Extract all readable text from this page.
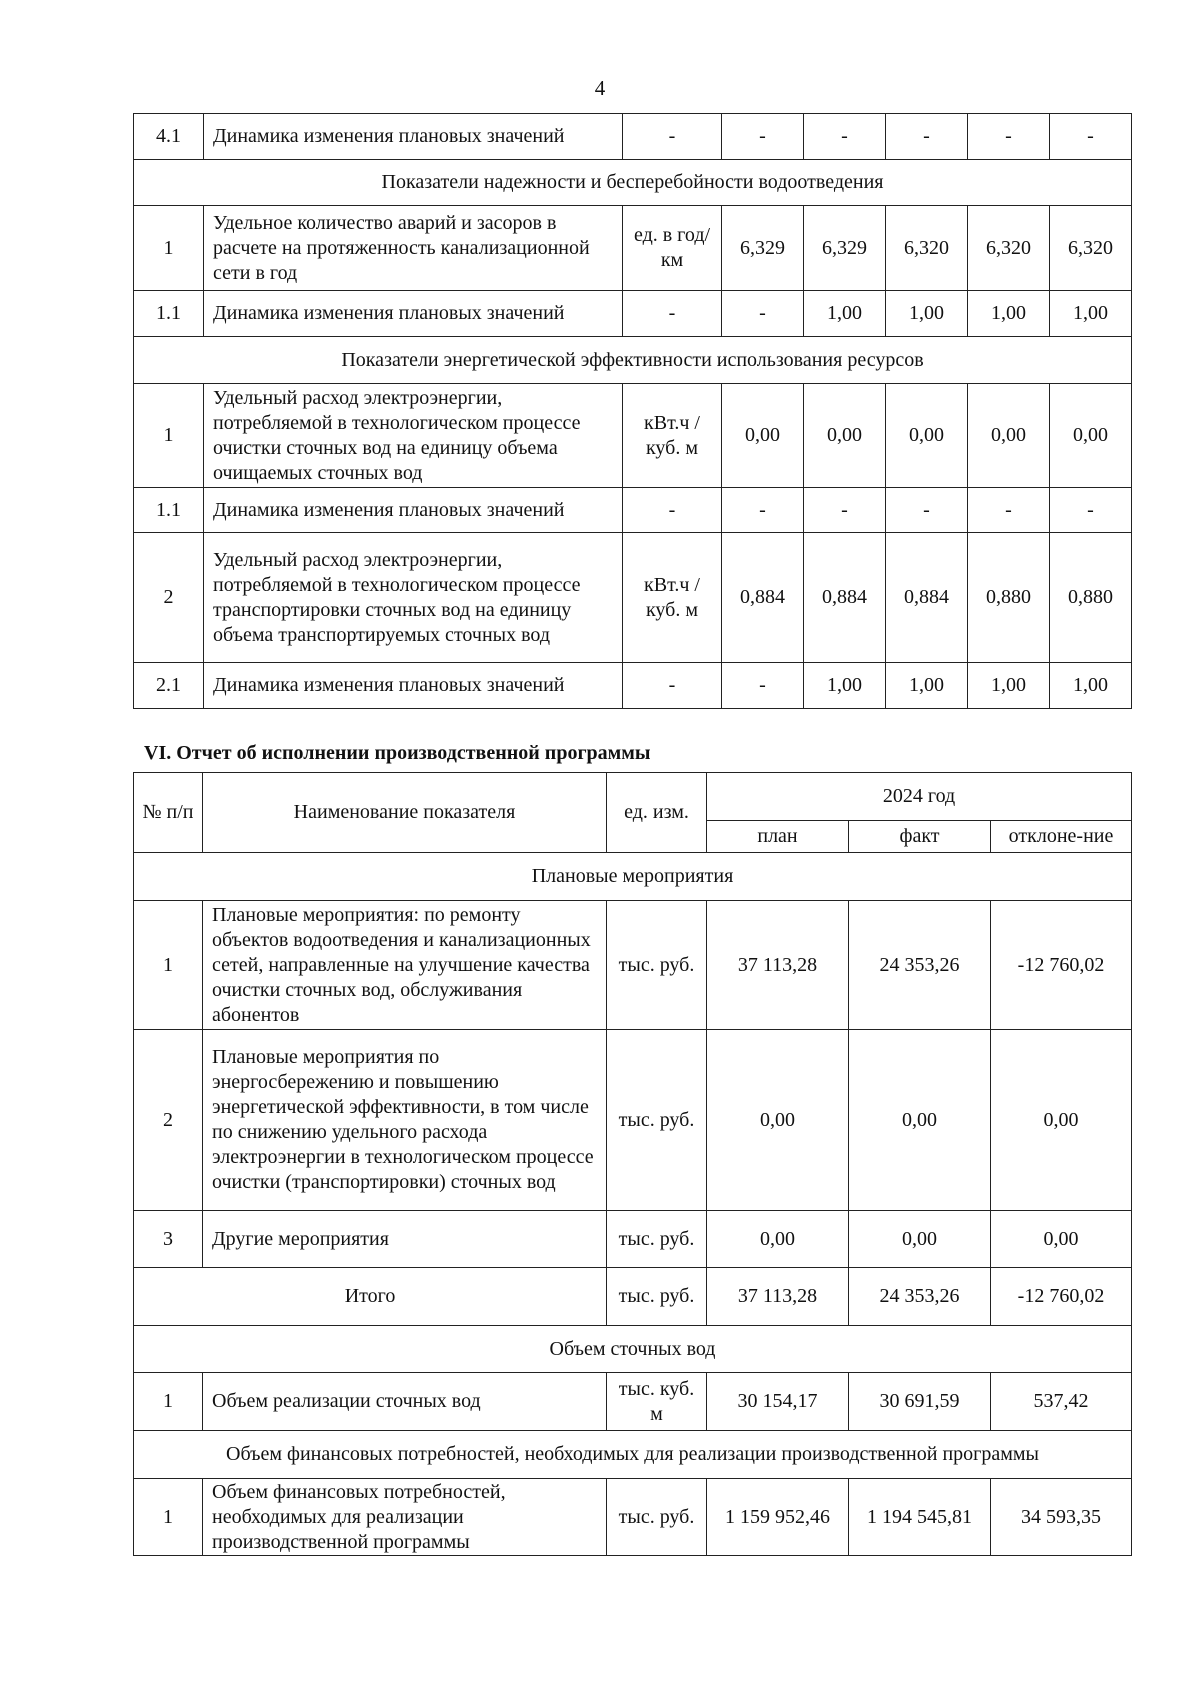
4
4.1	Динамика изменения плановых значений	-	-	-	-	-	-
Показатели надежности и бесперебойности водоотведения							
1	Удельное количество аварий и засоров в расчете на протяженность канализационной сети в год	ед. в год/ км	6,329	6,329	6,320	6,320	6,320
1.1	Динамика изменения плановых значений	-	-	1,00	1,00	1,00	1,00
Показатели энергетической эффективности использования ресурсов							
1	Удельный расход электроэнергии, потребляемой в технологическом процессе очистки сточных вод на единицу объема очищаемых сточных вод	кВт.ч / куб. м	0,00	0,00	0,00	0,00	0,00
1.1	Динамика изменения плановых значений	-	-	-	-	-	-
2	Удельный расход электроэнергии, потребляемой в технологическом процессе транспортировки сточных вод на единицу объема транспортируемых сточных вод	кВт.ч / куб. м	0,884	0,884	0,884	0,880	0,880
2.1	Динамика изменения плановых значений	-	-	1,00	1,00	1,00	1,00
VI. Отчет об исполнении производственной программы
№ п/п	Наименование показателя	ед. изм.	2024 год		
			план	факт	отклоне-ние
Плановые мероприятия					
1	Плановые мероприятия: по ремонту объектов водоотведения и канализационных сетей, направленные на улучшение качества очистки сточных вод, обслуживания абонентов	тыс. руб.	37 113,28	24 353,26	-12 760,02
2	Плановые мероприятия по энергосбережению и повышению энергетической эффективности, в том числе по снижению удельного расхода электроэнергии в технологическом процессе очистки (транспортировки) сточных вод	тыс. руб.	0,00	0,00	0,00
3	Другие мероприятия	тыс. руб.	0,00	0,00	0,00
Итого		тыс. руб.	37 113,28	24 353,26	-12 760,02
Объем сточных вод					
1	Объем реализации сточных вод	тыс. куб. м	30 154,17	30 691,59	537,42
Объем финансовых потребностей, необходимых для реализации производственной программы					
1	Объем финансовых потребностей, необходимых для реализации производственной программы	тыс. руб.	1 159 952,46	1 194 545,81	34 593,35
